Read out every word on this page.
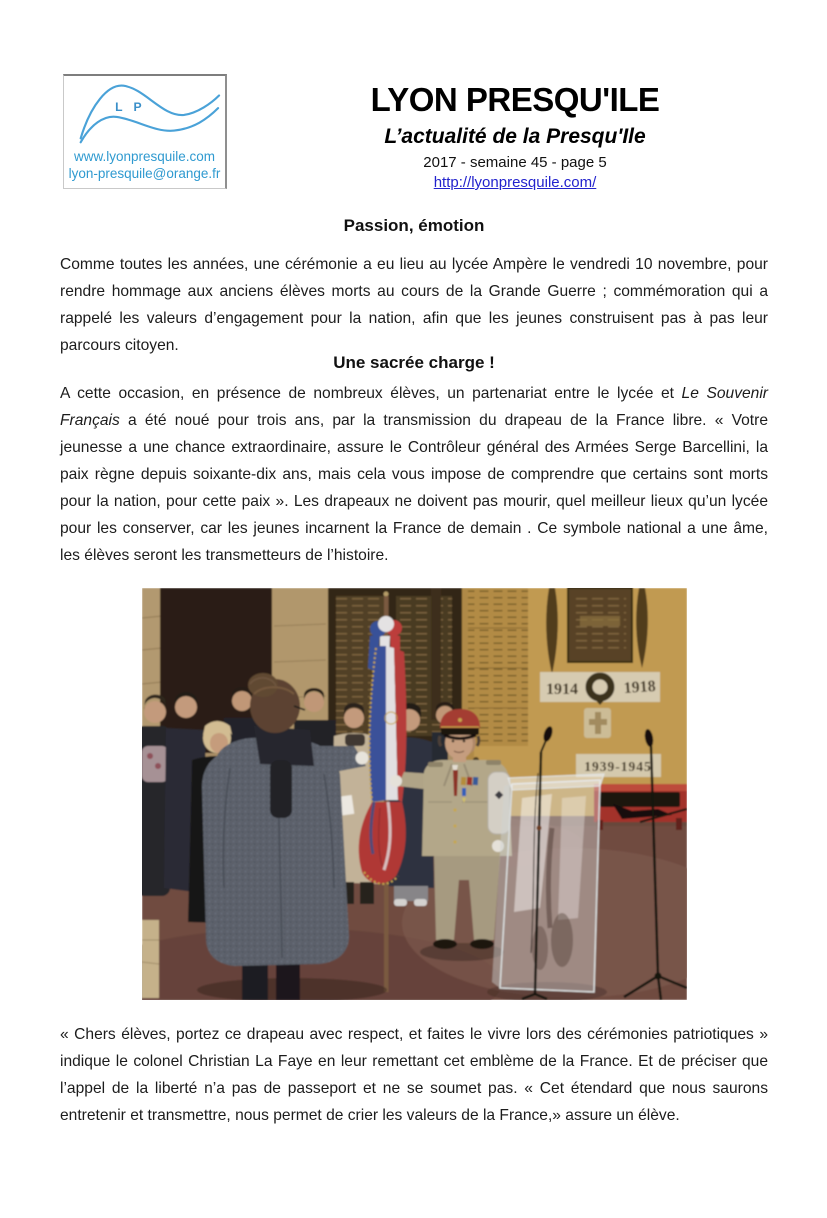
L P
www.lyonpresquile.com
lyon-presquile@orange.fr
LYON PRESQU'ILE
L’actualité de la Presqu'Ile
2017 - semaine 45 - page 5
http://lyonpresquile.com/
Passion, émotion

Comme toutes les années, une cérémonie a eu lieu au lycée Ampère le vendredi 10 novembre, pour rendre hommage aux anciens élèves morts au cours de la Grande Guerre ; commémoration qui a rappelé les valeurs d’engagement pour la nation, afin que les jeunes construisent pas à pas leur parcours citoyen.

Une sacrée charge !

A cette occasion, en présence de nombreux élèves, un partenariat entre le lycée et Le Souvenir Français a été noué pour trois ans, par la transmission du drapeau de la France libre. « Votre jeunesse a une chance extraordinaire, assure le Contrôleur général des Armées Serge Barcellini, la paix règne depuis soixante-dix ans, mais cela vous impose de comprendre que certains sont morts pour la nation, pour cette paix ». Les drapeaux ne doivent pas mourir, quel meilleur lieux qu’un lycée pour les conserver, car les jeunes incarnent la France de demain . Ce symbole national a une âme, les élèves seront les transmetteurs de l’histoire.

« Chers élèves, portez ce drapeau avec respect, et faites le vivre lors des cérémonies patriotiques » indique le colonel Christian La Faye en leur remettant cet emblème de la France. Et de préciser que l’appel de la liberté n’a pas de passeport et ne se soumet pas. « Cet étendard que nous saurons entretenir et transmettre, nous permet de crier les valeurs de la France,» assure un élève.
